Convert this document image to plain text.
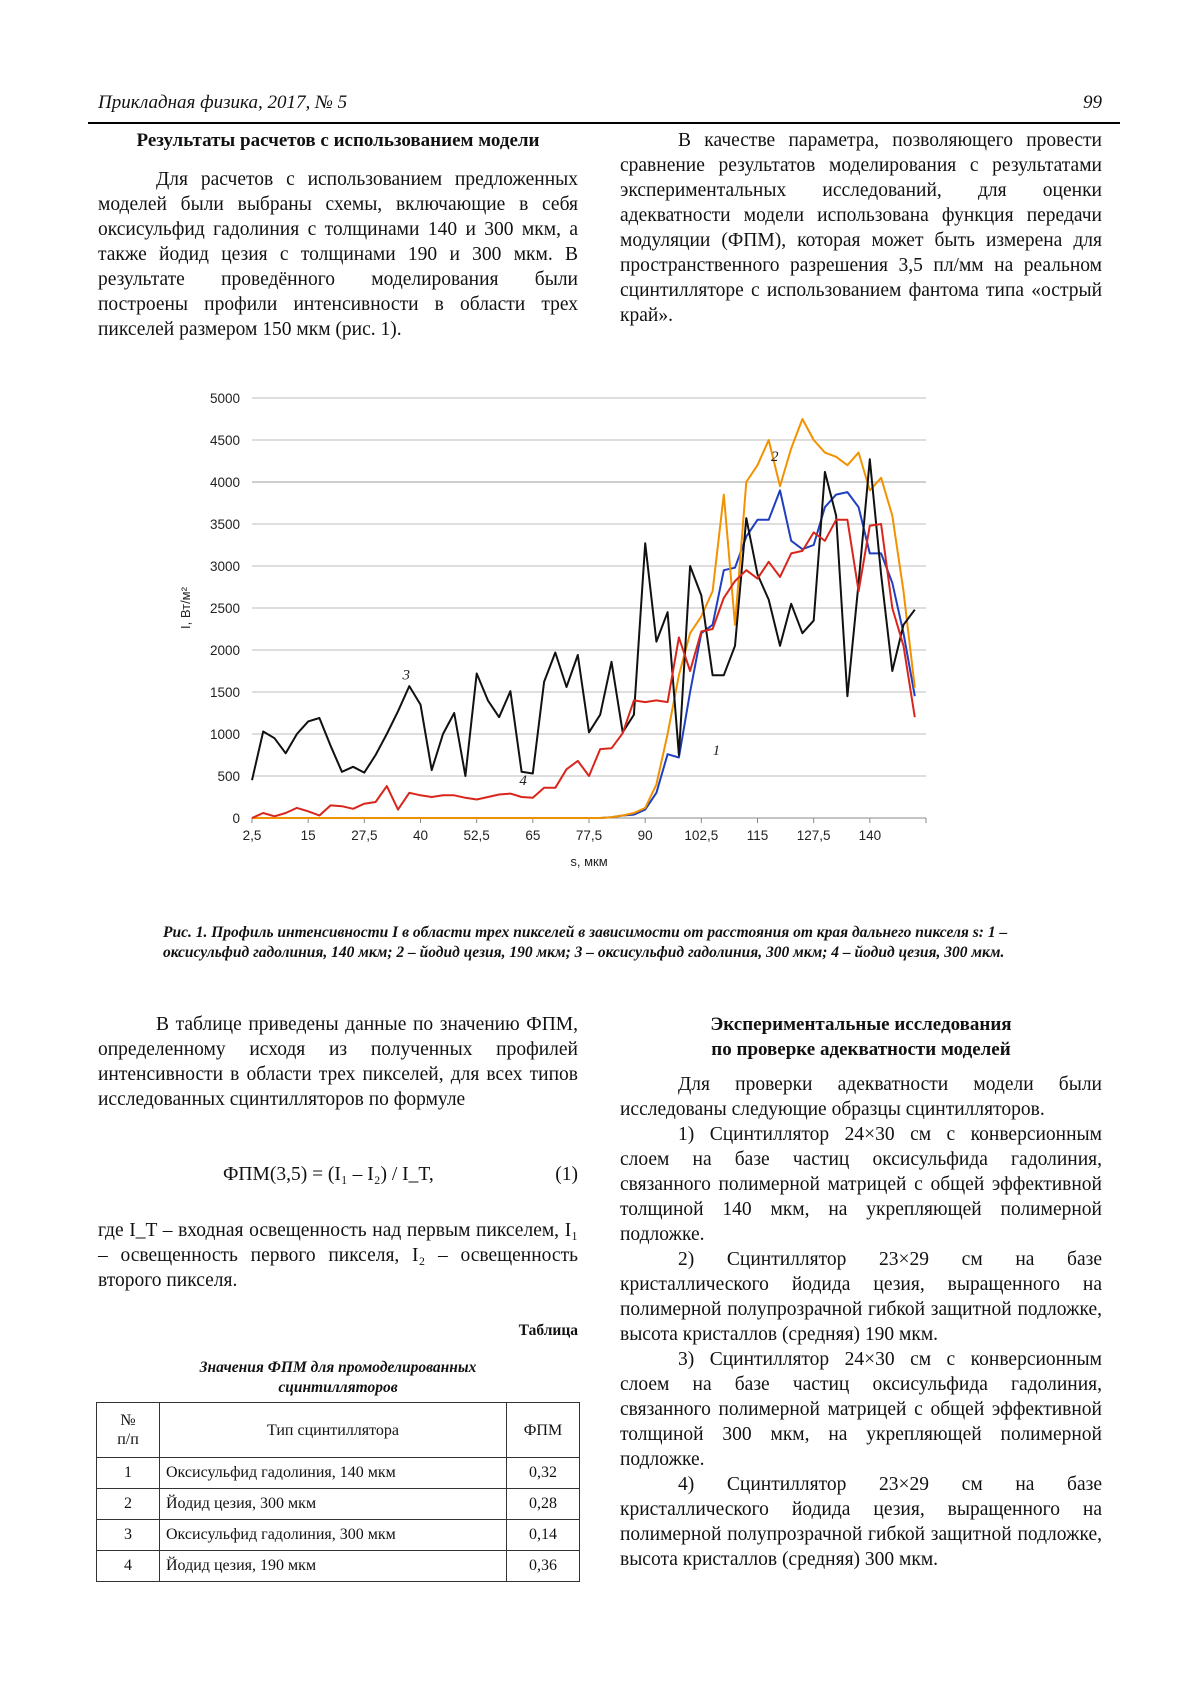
Прикладная физика, 2017, № 5	99
Результаты расчетов с использованием модели

Для расчетов с использованием предложенных моделей были выбраны схемы, включающие в себя оксисульфид гадолиния с толщинами 140 и 300 мкм, а также йодид цезия с толщинами 190 и 300 мкм. В результате проведённого моделирования были построены профили интенсивности в области трех пикселей размером 150 мкм (рис. 1).

В качестве параметра, позволяющего провести сравнение результатов моделирования с результатами экспериментальных исследований, для оценки адекватности модели использована функция передачи модуляции (ФПМ), которая может быть измерена для пространственного разрешения 3,5 пл/мм на реальном сцинтилляторе с использованием фантома типа «острый край».

0
500
1000
1500
2000
2500
3000
3500
4000
4500
5000
2,5	15	27,5	40	52,5	65	77,5	90 102,5 115 127,5 140
s, мкм
I, Вт/м²
1
2
3
4
Рис. 1. Профиль интенсивности I в области трех пикселей в зависимости от расстояния от края дальнего пикселя s: 1 – оксисульфид гадолиния, 140 мкм; 2 – йодид цезия, 190 мкм; 3 – оксисульфид гадолиния, 300 мкм; 4 – йодид цезия, 300 мкм.

В таблице приведены данные по значению ФПМ, определенному исходя из полученных профилей интенсивности в области трех пикселей, для всех типов исследованных сцинтилляторов по формуле

ФПМ(3,5) = (I₁ – I₂) / I_T,	(1)

где I_T – входная освещенность над первым пикселем, I₁ – освещенность первого пикселя, I₂ – освещенность второго пикселя.

Таблица
Значения ФПМ для промоделированных
сцинтилляторов
№
п/п	Тип сцинтиллятора	ФПМ
1	Оксисульфид гадолиния, 140 мкм	0,32
2	Йодид цезия, 300 мкм	0,28
3	Оксисульфид гадолиния, 300 мкм	0,14
4	Йодид цезия, 190 мкм	0,36
Экспериментальные исследования
по проверке адекватности моделей

Для проверки адекватности модели были исследованы следующие образцы сцинтилляторов.

1) Сцинтиллятор 24×30 см с конверсионным слоем на базе частиц оксисульфида гадолиния, связанного полимерной матрицей с общей эффективной толщиной 140 мкм, на укрепляющей полимерной подложке.

2) Сцинтиллятор 23×29 см на базе кристаллического йодида цезия, выращенного на полимерной полупрозрачной гибкой защитной подложке, высота кристаллов (средняя) 190 мкм.

3) Сцинтиллятор 24×30 см с конверсионным слоем на базе частиц оксисульфида гадолиния, связанного полимерной матрицей с общей эффективной толщиной 300 мкм, на укрепляющей полимерной подложке.

4) Сцинтиллятор 23×29 см на базе кристаллического йодида цезия, выращенного на полимерной полупрозрачной гибкой защитной подложке, высота кристаллов (средняя) 300 мкм.
